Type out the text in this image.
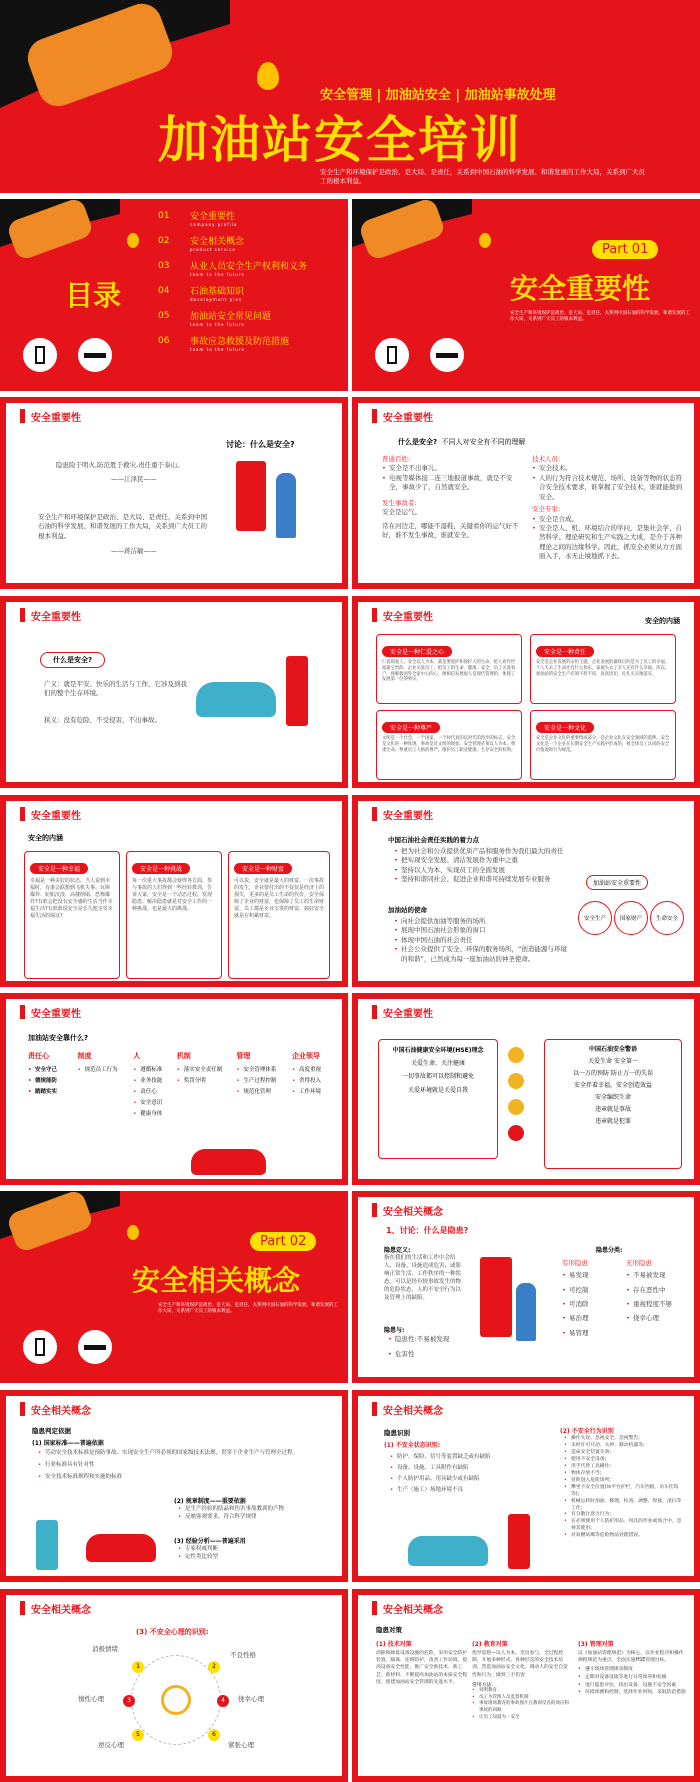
安全管理 | 加油站安全 | 加油站事故处理
加油站安全培训
安全生产和环境保护是政治、是大局、是责任，关系到中国石油的科学发展、和谐发展的工作大局，关系到广大员工的根本利益。
目录
01 安全重要性
company profile
02 安全相关概念
product service
03 从业人员安全生产权利和义务
team to the future
04 石油基础知识
development plan
05 加油站安全常见问题
team to the future
06 事故应急救援及防范措施
team to the future
Part 01
安全重要性
安全生产和环境保护是政治、是大局、是责任，关系到中国石油的科学发展、和谐发展的工作大局，关系到广大员工的根本利益。
安全重要性
隐患险于明火,防范胜于救灾,责任重于泰山。
——江泽民——
安全生产和环境保护是政治、是大局、是责任，关系到中国石油的科学发展、和谐发展的工作大局，关系到广大员工的根本利益。
——蒋洁敏——
讨论：什么是安全?
安全重要性
什么是安全? 不同人对安全有不同的理解
普通百姓:
• 安全是不出事儿。
• 电视等媒体接二连三地报道事故，就是不安全，事故少了，自然就安全。
发生事故者:
安全是运气。
常在河边走，哪能不湿鞋，关键看你的运气好不好，谁不发生事故，谁就安全。
技术人员:
• 安全技术。
• 人的行为符合技术规范、场所、设备等物的状态符合安全技术要求，谁掌握了安全技术，谁就能做到安全。
安全专家:
• 安全是合成。
• 安全是人、机、环境结合的学问，是集社会学、自然科学、理论研究和生产实践之大成，是介于各种理论之间的边缘科学。因此，抓安全必须从方方面面入手，永无止境地抓下去。
安全重要性
什么是安全?
广义：就是平安、快乐的生活与工作，它涉及到我们的整个生存环境。
狭义：没有危险、不受侵害，不出事故。
安全重要性	安全的内涵
安全是一种仁爱之心
仁爱即爱人，安全以人为本，就是要爱护和保护人的生命，把人看作世间最宝贵的。企业关爱员工，把员工的生命、健康、安全、员工关爱看户，视解救国外全家中心的心，源相信发展福人是现代管理的，体现了发展第一位的事实。
安全是一种责任
安全是企业发展的永恒主题，企业发展的最终目的是为了员工的幸福。个人失去了生命还有什么快乐，家庭失去了亲人还有什么幸福。所以，加油站的安全生产必须不折不扣、真真切切、扎扎实实地落实。
安全是一种尊严
文明是一个社会，一个国家，一个时代真的以时代的进步的标志，安全是文化的一种体现，事故是反文明的现象。安全管理必须以人为本，尊重生命、尊重员工人格的尊严，维护员工职业健康、生存安全的权利。
安全是一种文化
安全是企业文化的重要组成部分，是企业文化在安全领域的延伸。安全文化是一个企业在长期安全生产实践中形成的、被全体员工认同的安全价值观和行为规范。
安全重要性
安全的内涵
安全是一种幸福
幸福是一种美好的状态。当人说到幸福时，有谁会联想到飞机失事、瓦斯爆炸、轮船沉没、高楼倒塌、恐怖爆炸?有谁会把没有安全感的生活当作幸福生活?有谁敢说安全是长久地享受幸福生活的保证?
安全是一种挑战
每一次重大事故都会使得各方面，参与事故的人们得到一些经验教训，告诉大家，安全是一个动态过程。发现隐患、解决隐患就是对安全工作的一种挑战，也是最大的挑战。
安全是一种财富
可以说，安全就是最大的财富。一次事故的发生，企业要付出的不仅仅是经济上的损失，更多的是员工生命的代价，安全保障了企业的财富，也保障了员工的生命财富。员工都是企业宝贵的财富，搞好安全就是在积累财富。
安全重要性
中国石油社会责任实践的着力点
• 把为社会和公众提供优质产品和服务作为我们最大的责任
• 把实现安全发展、清洁发展作为重中之重
• 坚持以人为本、实现员工的全面发展
• 坚持和谐同社会、促进企业和谐可持续发展专业服务
加油站的使命
• 向社会提供加油等服务的场所
• 展现中国石油社会形象的窗口
• 体现中国石油的社会责任
• 社会公众提供了安全、环保的服务场所，“创造能源与环境的和谐”，已然成为每一座加油站的神圣使命。
加油站安全重要性
安全生产	国家财产	生命安全
安全重要性
加油站安全靠什么?
责任心
• 安全守己
• 德规能防
• 踏踏实实
制度
• 规范员工行为
人
• 遵循标准
• 业务技能
• 责任心
• 安全意识
• 健康身体
机制
• 落实安全责任制
• 奖罚分明
管理
• 安全管理体系
• 生产过程控制
• 规范化管理
企业领导
• 高度重视
• 舍得投入
• 工作环境
安全重要性
中国石油健康安全环境(HSE)理念
关爱生命、关注健康
一切事故都可以控制和避免
关爱环境就是关爱自我
中国石油安全警语
关爱生命 安全第一
以一万的预防 防止万一的失误
安全伴着幸福，安全创造效益
安全编织生命
违章就是事故
违章就是犯罪
Part 02
安全相关概念
安全生产和环境保护是政治、是大局、是责任，关系到中国石油的科学发展、和谐发展的工作大局，关系到广大员工的根本利益。
安全相关概念
1、讨论：什么是隐患?
隐患定义:
指在我们的生活和工作中会给人、设备、设施造成危害，或影响正常生活、工作秩序的一种状态。可以是经有较事故发生的物的危险状态，人的不安全行为以及管理上的缺陷。
隐患与:
• 隐患性:不易被发现
• 危害性
隐患分类:
有形隐患
• 易发现
• 可控制
• 可消除
• 易治理
• 易管理
无形隐患
• 不易被发现
• 存在恶性中
• 重视程度不够
• 侥幸心理
安全相关概念
隐患判定依据
(1) 国家标准——普遍依据
• 劳动安全技术标准是预防事故、实现安全生产所必须的国家级技术法规，贯穿于企业生产与管理全过程。
• 行业标准具有针对性
• 安全技术标准规程和实施的标准
(2) 规章制度——重要依据
• 是生产经验的结晶和伤害事故教训的产物
• 反映客观要求，符合科学规律
(3) 经验分析——普遍采用
• 专家权威判断
• 定性类比较型
安全相关概念
隐患识别
(1) 不安全状态识别:
• 防护、保险、信号等装置缺乏或有缺陷
• 设备、设施、工具附件有缺陷
• 个人防护用品、用具缺少或有缺陷
• 生产（施工）场地环境不良
(2) 不安全行为识别
• 操作失误，忽视安全，忽视警告;
• 未经许可开动、关停、移动机器等;
• 造成安全装置失效;
• 使用不安全设备;
• 用手代替工具操作;
• 物体存放不当;
• 冒险进入危险场所;
• 攀坐不安全位置(如平台护栏，汽车挡板，吊车挂钩等);
• 机械运转时加油、修理、检查、调整、焊接、清扫等工作;
• 有分散注意力行为;
• 在必须使用个人防护用品、用具的作业或场合中，忽视其使用;
• 对易燃易爆等危险物品处理错误。
安全相关概念
(3) 不安全心理的识别:
1	2
3	4
5	6
消极情绪
不良性格
惰性心理	侥幸心理
逆反心理	紧张心理
安全相关概念
隐患对策
(1) 技术对策
消除和降低设备设施的危险，采用安全防护装置、隔离、连锁防护，改善工作环境，提高设备安全性能，推广安全新技术、新工艺、新材料、不断提高加油站的本质安全程度，创建加油站安全管理的先进水平。
(2) 教育对策
指导思想—以人为本，全员参与，全过程控制，开展多种形式、各种层次的安全技术培训，营造加油站安全文化，调动人的安全自觉性和行为，做到三不伤害
常用方法:
• 说明教育
• 员工为管理人员监督机制
• 事故现场教育的事故图片在教训反省的效应和事故的回顾
• 让员工知道为一安全
(3) 管理对策
以《加油站管理规范》为核心，以作业程序和操作规程规范为重点，全面实施HSE管理目标。
• 遵守现场管理规章制度
• 定期对设备设施等进行日常保养和检修
• 进行隐患评估，找出设备、设施不安全因素
• 环境预测和控制，选择作业时间，采取防范措施
